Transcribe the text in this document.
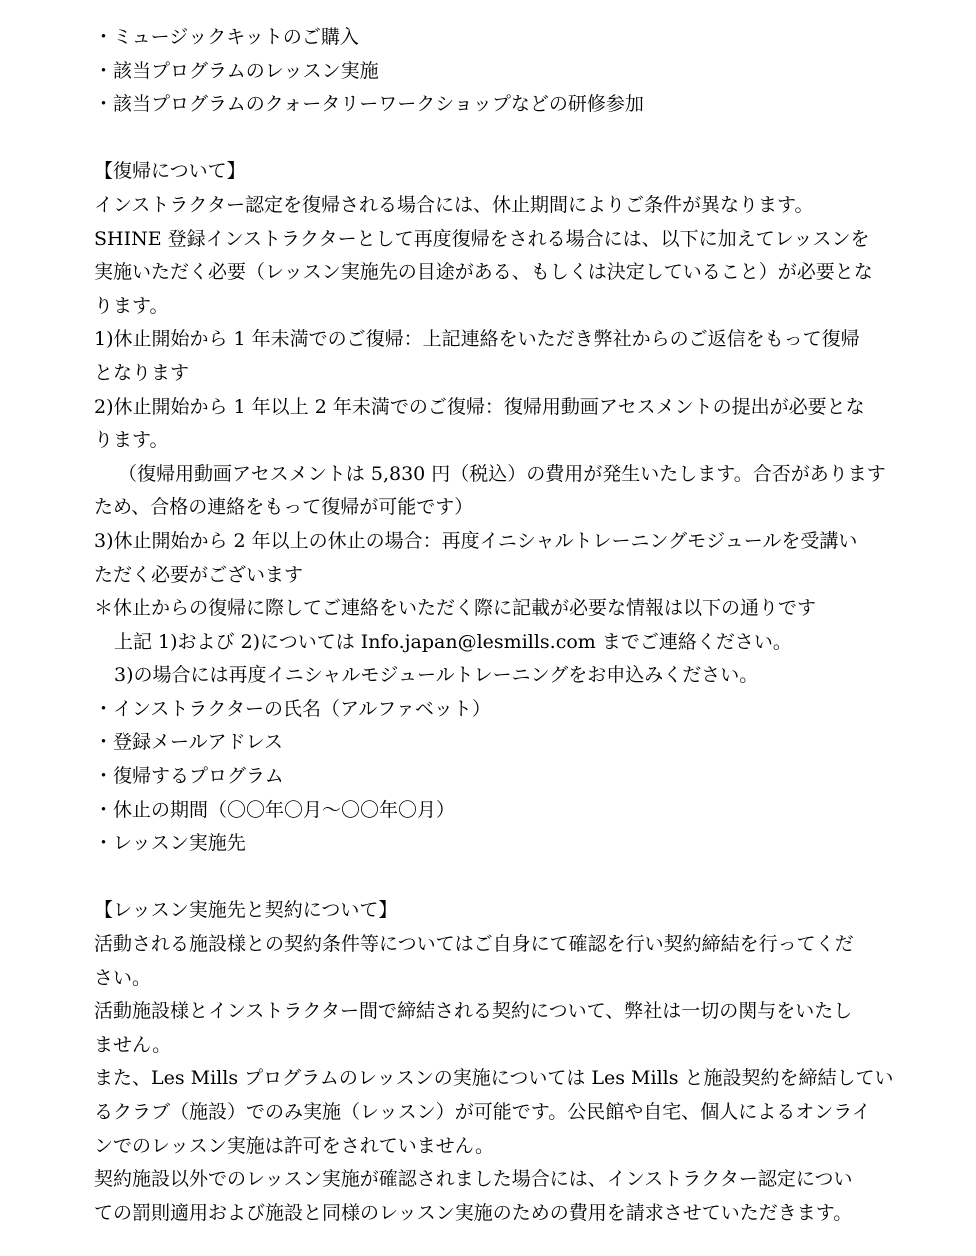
・ミュージックキットのご購入
・該当プログラムのレッスン実施
・該当プログラムのクォータリーワークショップなどの研修参加
【復帰について】
インストラクター認定を復帰される場合には、休止期間によりご条件が異なります。
SHINE 登録インストラクターとして再度復帰をされる場合には、以下に加えてレッスンを
実施いただく必要（レッスン実施先の目途がある、もしくは決定していること）が必要とな
ります。
1)休止開始から 1 年未満でのご復帰：上記連絡をいただき弊社からのご返信をもって復帰
となります
2)休止開始から 1 年以上 2 年未満でのご復帰：復帰用動画アセスメントの提出が必要とな
ります。
（復帰用動画アセスメントは 5,830 円（税込）の費用が発生いたします。合否があります
ため、合格の連絡をもって復帰が可能です）
3)休止開始から 2 年以上の休止の場合：再度イニシャルトレーニングモジュールを受講い
ただく必要がございます
＊休止からの復帰に際してご連絡をいただく際に記載が必要な情報は以下の通りです
上記 1)および 2)については Info.japan@lesmills.com までご連絡ください。
3)の場合には再度イニシャルモジュールトレーニングをお申込みください。
・インストラクターの氏名（アルファベット）
・登録メールアドレス
・復帰するプログラム
・休止の期間（〇〇年〇月～〇〇年〇月）
・レッスン実施先
【レッスン実施先と契約について】
活動される施設様との契約条件等についてはご自身にて確認を行い契約締結を行ってくだ
さい。
活動施設様とインストラクター間で締結される契約について、弊社は一切の関与をいたし
ません。
また、Les Mills プログラムのレッスンの実施については Les Mills と施設契約を締結してい
るクラブ（施設）でのみ実施（レッスン）が可能です。公民館や自宅、個人によるオンライ
ンでのレッスン実施は許可をされていません。
契約施設以外でのレッスン実施が確認されました場合には、インストラクター認定につい
ての罰則適用および施設と同様のレッスン実施のための費用を請求させていただきます。
